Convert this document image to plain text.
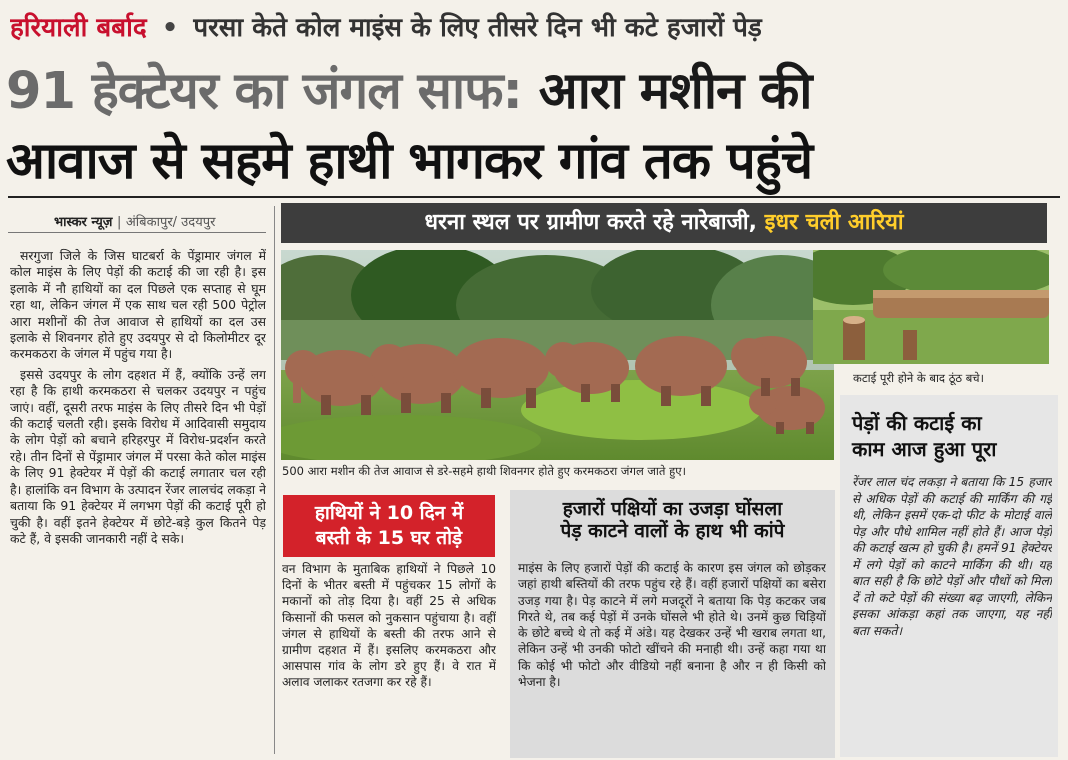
हरियाली बर्बाद • परसा केते कोल माइंस के लिए तीसरे दिन भी कटे हजारों पेड़
91 हेक्टेयर का जंगल साफ: आरा मशीन की
आवाज से सहमे हाथी भागकर गांव तक पहुंचे
भास्कर न्यूज़ | अंबिकापुर/ उदयपुर

सरगुजा जिले के जिस घाटबर्रा के पेंड्रामार जंगल में कोल माइंस के लिए पेड़ों की कटाई की जा रही है। इस इलाके में नौ हाथियों का दल पिछले एक सप्ताह से घूम रहा था, लेकिन जंगल में एक साथ चल रही 500 पेट्रोल आरा मशीनों की तेज आवाज से हाथियों का दल उस इलाके से शिवनगर होते हुए उदयपुर से दो किलोमीटर दूर करमकठरा के जंगल में पहुंच गया है।

इससे उदयपुर के लोग दहशत में हैं, क्योंकि उन्हें लग रहा है कि हाथी करमकठरा से चलकर उदयपुर न पहुंच जाएं। वहीं, दूसरी तरफ माइंस के लिए तीसरे दिन भी पेड़ों की कटाई चलती रही। इसके विरोध में आदिवासी समुदाय के लोग पेड़ों को बचाने हरिहरपुर में विरोध-प्रदर्शन करते रहे। तीन दिनों से पेंड्रामार जंगल में परसा केते कोल माइंस के लिए 91 हेक्टेयर में पेड़ों की कटाई लगातार चल रही है। हालांकि वन विभाग के उत्पादन रेंजर लालचंद लकड़ा ने बताया कि 91 हेक्टेयर में लगभग पेड़ों की कटाई पूरी हो चुकी है। वहीं इतने हेक्टेयर में छोटे-बड़े कुल कितने पेड़ कटे हैं, वे इसकी जानकारी नहीं दे सके।

धरना स्थल पर ग्रामीण करते रहे नारेबाजी, इधर चली आरियां
500 आरा मशीन की तेज आवाज से डरे-सहमे हाथी शिवनगर होते हुए करमकठरा जंगल जाते हुए।
कटाई पूरी होने के बाद ठूंठ बचे।
हाथियों ने 10 दिन में
बस्ती के 15 घर तोड़े
वन विभाग के मुताबिक हाथियों ने पिछले 10 दिनों के भीतर बस्ती में पहुंचकर 15 लोगों के मकानों को तोड़ दिया है। वहीं 25 से अधिक किसानों की फसल को नुकसान पहुंचाया है। वहीं जंगल से हाथियों के बस्ती की तरफ आने से ग्रामीण दहशत में हैं। इसलिए करमकठरा और आसपास गांव के लोग डरे हुए हैं। वे रात में अलाव जलाकर रतजगा कर रहे हैं।
हजारों पक्षियों का उजड़ा घोंसला
पेड़ काटने वालों के हाथ भी कांपे
माइंस के लिए हजारों पेड़ों की कटाई के कारण इस जंगल को छोड़कर जहां हाथी बस्तियों की तरफ पहुंच रहे हैं। वहीं हजारों पक्षियों का बसेरा उजड़ गया है। पेड़ काटने में लगे मजदूरों ने बताया कि पेड़ कटकर जब गिरते थे, तब कई पेड़ों में उनके घोंसले भी होते थे। उनमें कुछ चिड़ियों के छोटे बच्चे थे तो कई में अंडे। यह देखकर उन्हें भी खराब लगता था, लेकिन उन्हें भी उनकी फोटो खींचने की मनाही थी। उन्हें कहा गया था कि कोई भी फोटो और वीडियो नहीं बनाना है और न ही किसी को भेजना है।
पेड़ों की कटाई का
काम आज हुआ पूरा
रेंजर लाल चंद लकड़ा ने बताया कि 15 हजार से अधिक पेड़ों की कटाई की मार्किंग की गई थी, लेकिन इसमें एक-दो फीट के मोटाई वाले पेड़ और पौधे शामिल नहीं होते हैं। आज पेड़ों की कटाई खत्म हो चुकी है। हमनें 91 हेक्टेयर में लगे पेड़ों को काटने मार्किंग की थी। यह बात सही है कि छोटे पेड़ों और पौधों को मिला दें तो कटे पेड़ों की संख्या बढ़ जाएगी, लेकिन इसका आंकड़ा कहां तक जाएगा, यह नहीं बता सकते।
